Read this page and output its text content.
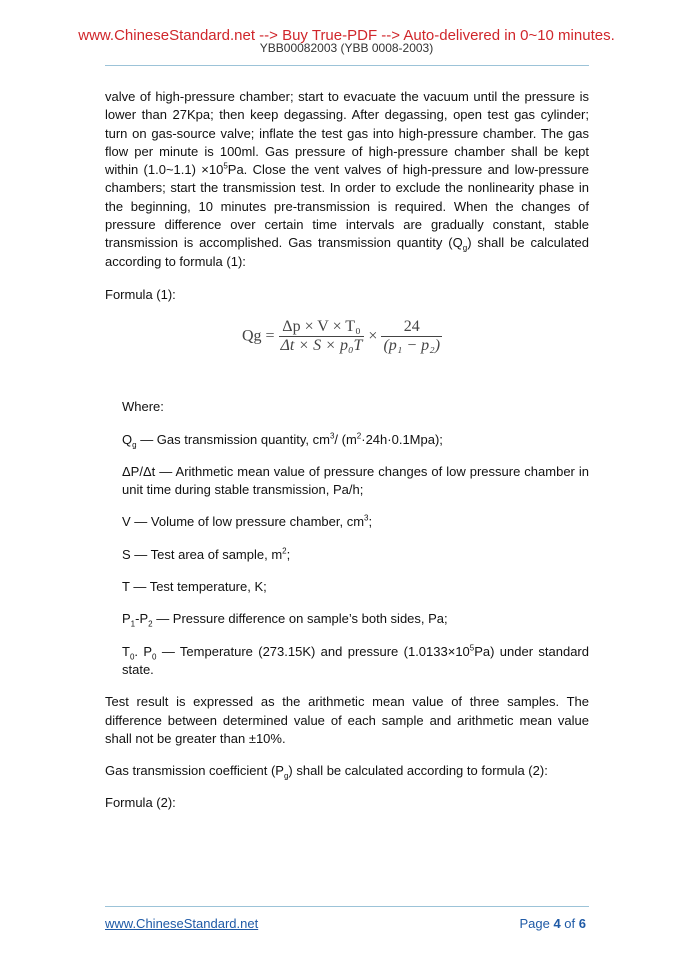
www.ChineseStandard.net --> Buy True-PDF --> Auto-delivered in 0~10 minutes.
YBB00082003 (YBB 0008-2003)

valve of high-pressure chamber; start to evacuate the vacuum until the pressure is lower than 27Kpa; then keep degassing. After degassing, open test gas cylinder; turn on gas-source valve; inflate the test gas into high-pressure chamber. The gas flow per minute is 100ml. Gas pressure of high-pressure chamber shall be kept within (1.0~1.1) $\times 10^5Pa$. Close the vent valves of high-pressure and low-pressure chambers; start the transmission test. In order to exclude the nonlinearity phase in the beginning, 10 minutes pre-transmission is required. When the changes of pressure difference over certain time intervals are gradually constant, stable transmission is accomplished. Gas transmission quantity $(Q_g)$ shall be calculated according to formula (1):

Formula (1):

$Qg = \frac{\text{Δp × V × T₀}}{\text{Δt × S × p₀T}} \times \frac{24}{\text{(p₁ − p₂)}}$

Where:

$Q_g$ — Gas transmission quantity, $cm^3/$ $(m^2\cdot 24h\cdot 0.1Mpa)$;

ΔP/Δt — Arithmetic mean value of pressure changes of low pressure chamber in unit time during stable transmission, Pa/h;

V — Volume of low pressure chamber, $cm^3$;

S — Test area of sample, $m^2$;

T — Test temperature, K;

$P_1-P_2$ — Pressure difference on sample’s both sides, Pa;

$T_0$. $P_0$ — Temperature (273.15K) and pressure $(1.0133\times 10^5Pa)$ under standard state.

Test result is expressed as the arithmetic mean value of three samples. The difference between determined value of each sample and arithmetic mean value shall not be greater than ±10%.

Gas transmission coefficient $(P_g)$ shall be calculated according to formula (2):

Formula (2):

www.ChineseStandard.net	Page 4 of 6
